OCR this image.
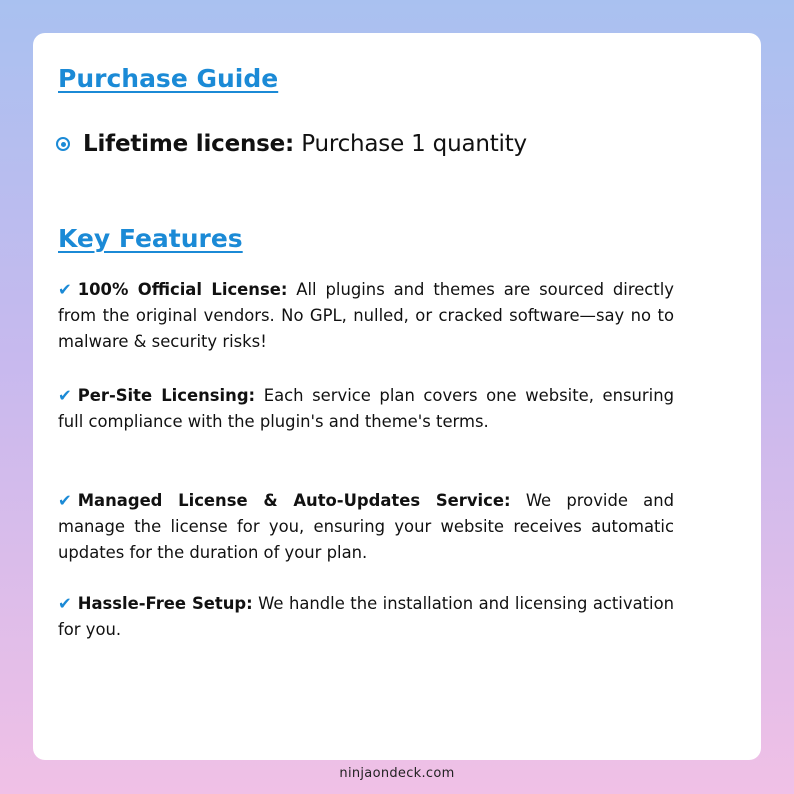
Purchase Guide
Lifetime license: Purchase 1 quantity
Key Features

✔ 100% Official License: All plugins and themes are sourced directly from the original vendors. No GPL, nulled, or cracked software—say no to malware & security risks!

✔ Per-Site Licensing: Each service plan covers one website, ensuring full compliance with the plugin's and theme's terms.

✔ Managed License & Auto-Updates Service: We provide and manage the license for you, ensuring your website receives automatic updates for the duration of your plan.

✔ Hassle-Free Setup: We handle the installation and licensing activation for you.

ninjaondeck.com
